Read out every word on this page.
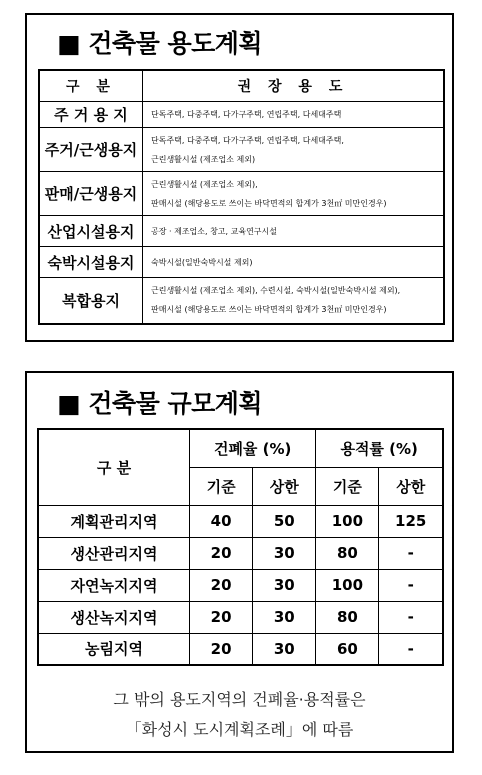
■ 건축물 용도계획
구 분	권 장 용 도
주 거 용 지	단독주택, 다중주택, 다가구주택, 연립주택, 다세대주택

주거/근생용지	단독주택, 다중주택, 다가구주택, 연립주택, 다세대주택,
근린생활시설 (제조업소 제외)

판매/근생용지	근린생활시설 (제조업소 제외),
판매시설 (해당용도로 쓰이는 바닥면적의 합계가 3천㎡ 미만인경우)

산업시설용지	공장 · 제조업소, 창고, 교육연구시설

숙박시설용지	숙박시설(일반숙박시설 제외)

복합용지	근린생활시설 (제조업소 제외), 수련시설, 숙박시설(일반숙박시설 제외),
판매시설 (해당용도로 쓰이는 바닥면적의 합계가 3천㎡ 미만인경우)
■ 건축물 규모계획
구 분	건폐율 (%)		용적률 (%)	
	기준	상한	기준	상한
계획관리지역	40	50	100	125
생산관리지역	20	30	80	-
자연녹지지역	20	30	100	-
생산녹지지역	20	30	80	-
농림지역	20	30	60	-
그 밖의 용도지역의 건폐율·용적률은
「화성시 도시계획조례」에 따름
